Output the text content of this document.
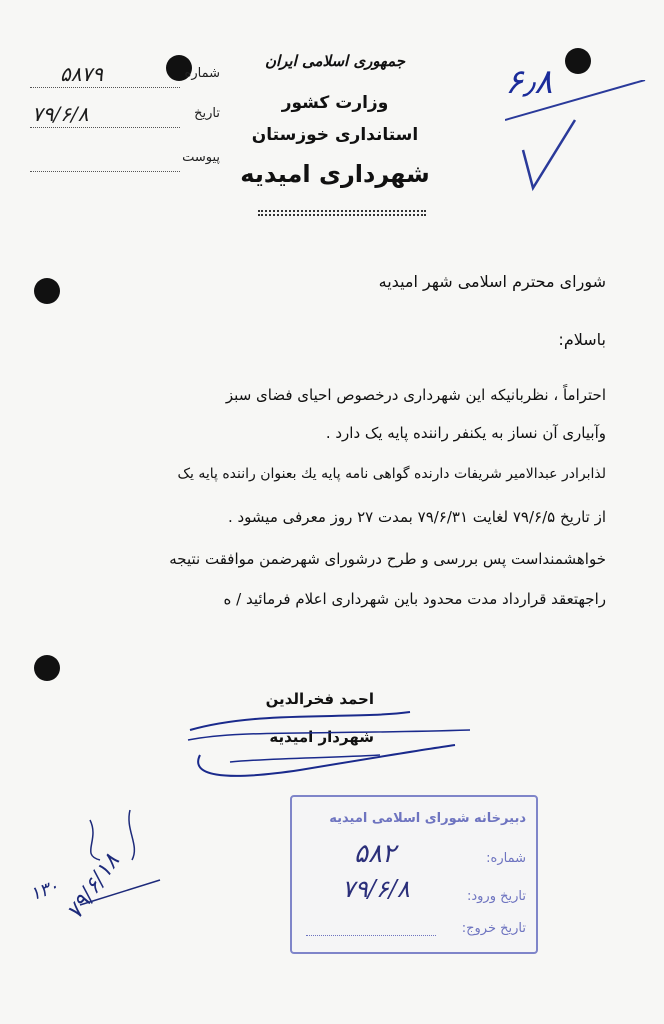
جمهوری اسلامی ایران
وزارت کشور
استانداری خوزستان
شهرداری امیدیه
شماره
۵۸۷۹
تاریخ
۷۹/۶/۸
پیوست
۶٫۸
شورای محترم اسلامی شهر امیدیه
باسلام:
احتراماً ، نظربانیکه این شهرداری درخصوص احیای فضای سبز
وآبیاری آن نساز به یکنفر راننده پایه یک دارد .
لذابرادر عبدالامیر شریفات دارنده گواهی نامه پایه یك بعنوان راننده پایه یک
از تاریخ ۷۹/۶/۵ لغایت ۷۹/۶/۳۱ بمدت ۲۷ روز معرفی میشود .
خواهشمنداست پس بررسی و طرح درشورای شهرضمن موافقت نتیجه
راجهتعقد قرارداد مدت محدود باین شهرداری اعلام فرمائید / ه
احمد فخرالدین
شهردار امیدیه
دبیرخانه شورای اسلامی امیدیه
شماره:
۵۸۲
تاریخ ورود:
۷۹/۶/۸
تاریخ خروج:
۱۳۰ ۷۹/۶/۱۸
